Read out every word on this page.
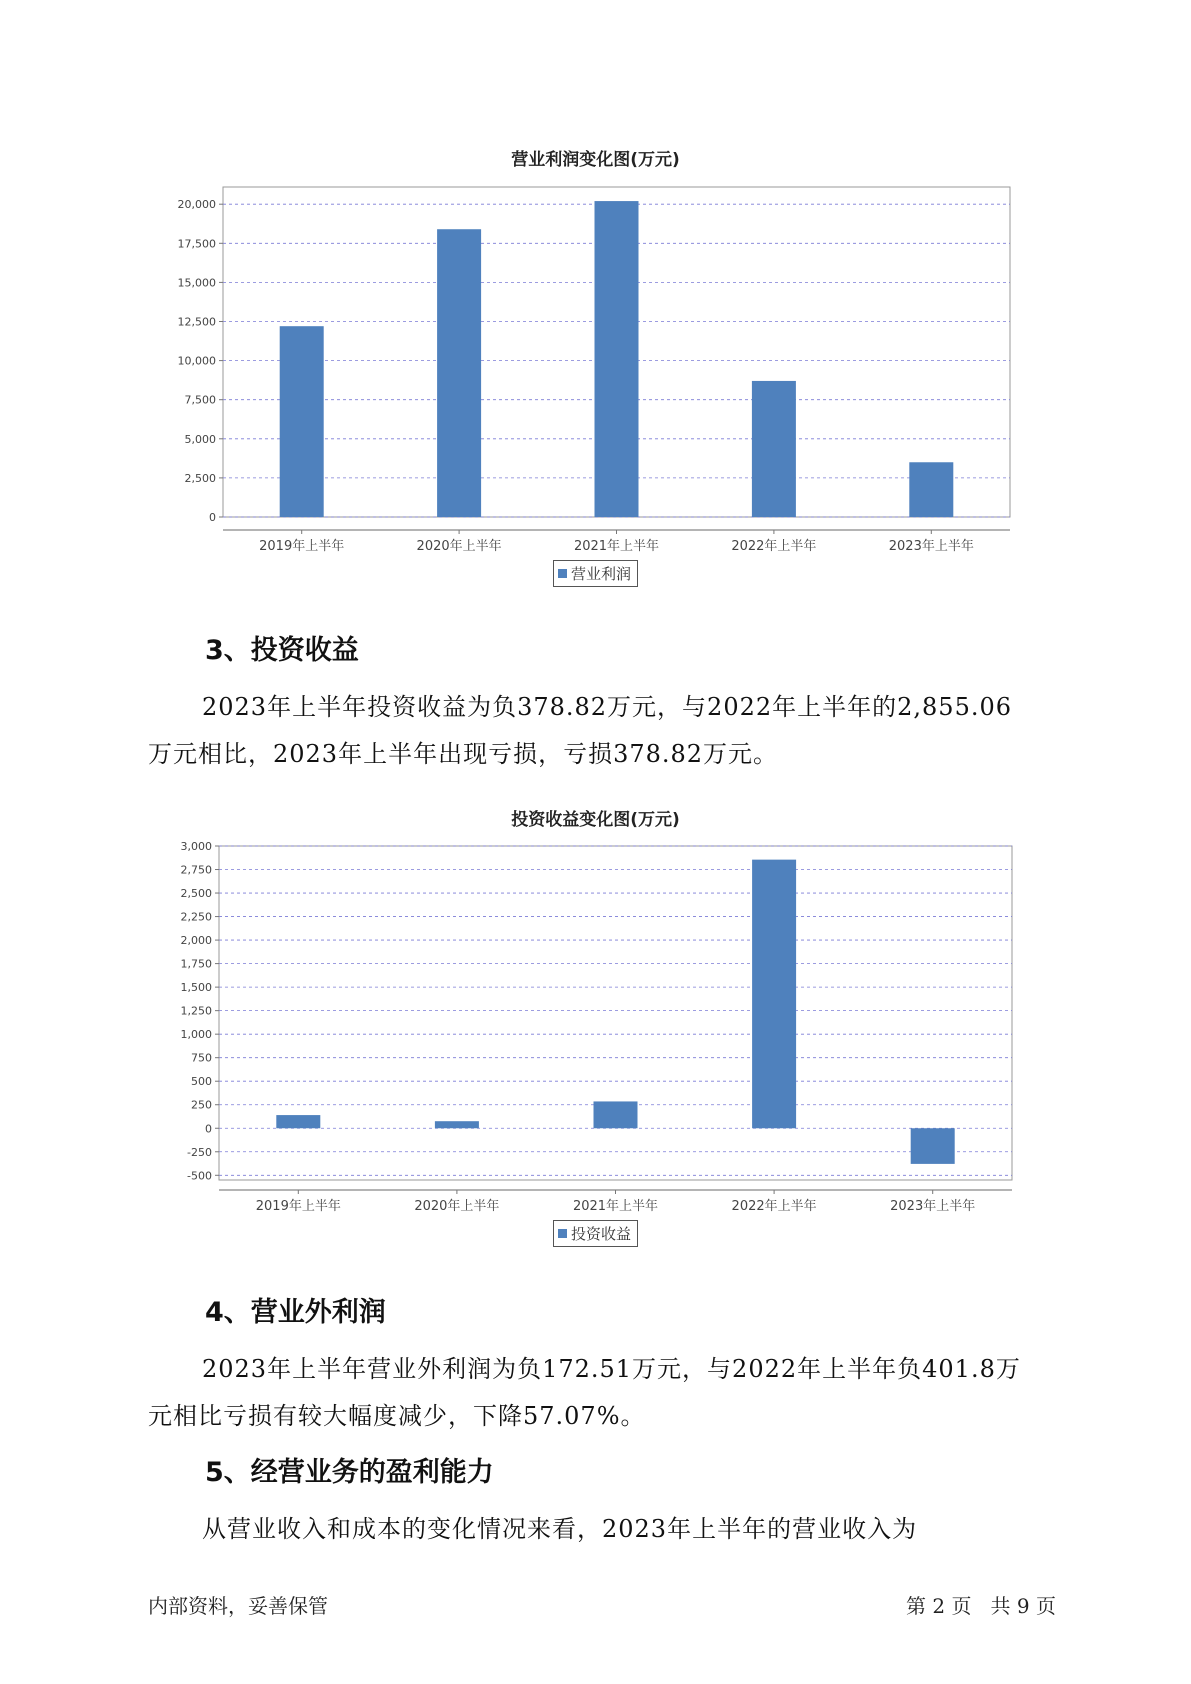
营业利润变化图(万元)
0
2,500
5,000
7,500
10,000
12,500
15,000
17,500
20,000
2019年上半年	2020年上半年	2021年上半年	2022年上半年	2023年上半年
营业利润
3、投资收益
2023年上半年投资收益为负378.82万元，与2022年上半年的2,855.06
万元相比，2023年上半年出现亏损，亏损378.82万元。
投资收益变化图(万元)
-500
-250
0
250
500
750
1,000
1,250
1,500
1,750
2,000
2,250
2,500
2,750
3,000
2019年上半年	2020年上半年	2021年上半年	2022年上半年	2023年上半年
投资收益
4、营业外利润
2023年上半年营业外利润为负172.51万元，与2022年上半年负401.8万
元相比亏损有较大幅度减少，下降57.07%。
5、经营业务的盈利能力
从营业收入和成本的变化情况来看，2023年上半年的营业收入为
内部资料，妥善保管	第 2 页   共 9 页
